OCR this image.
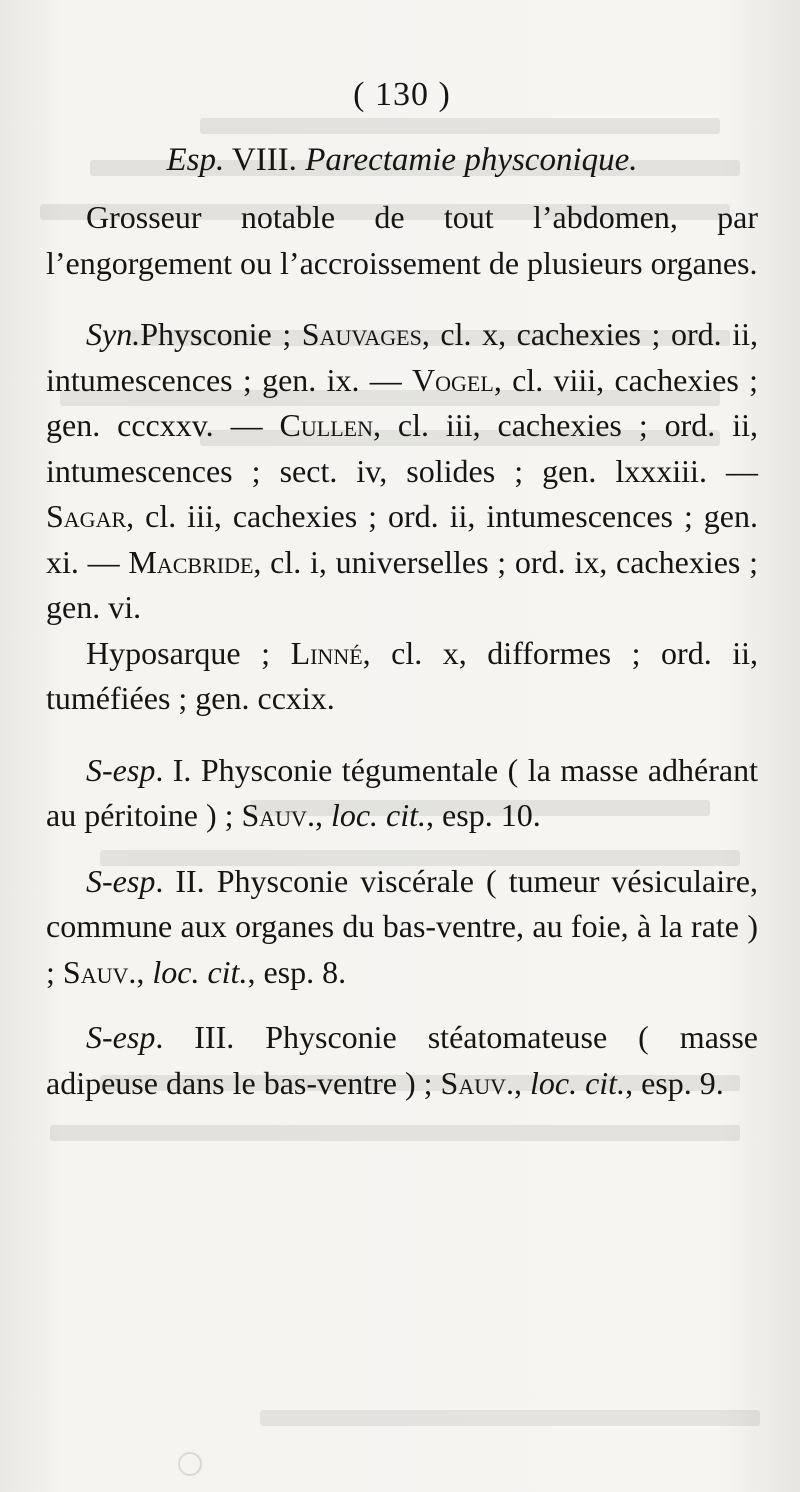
( 130 )
Esp. VIII. Parectamie physconique.

Grosseur notable de tout l’abdomen, par l’engorgement ou l’accroissement de plusieurs organes.

Syn.Physconie ; Sauvages, cl. x, cachexies ; ord. ii, intumescences ; gen. ix. — Vogel, cl. viii, cachexies ; gen. cccxxv. — Cullen, cl. iii, cachexies ; ord. ii, intumescences ; sect. iv, solides ; gen. lxxxiii. — Sagar, cl. iii, cachexies ; ord. ii, intumescences ; gen. xi. — Macbride, cl. i, universelles ; ord. ix, cachexies ; gen. vi.

Hyposarque ; Linné, cl. x, difformes ; ord. ii, tuméfiées ; gen. ccxix.

S-esp. I. Physconie tégumentale ( la masse adhérant au péritoine ) ; Sauv., loc. cit., esp. 10.

S-esp. II. Physconie viscérale ( tumeur vésiculaire, commune aux organes du bas-ventre, au foie, à la rate ) ; Sauv., loc. cit., esp. 8.

S-esp. III. Physconie stéatomateuse ( masse adipeuse dans le bas-ventre ) ; Sauv., loc. cit., esp. 9.
